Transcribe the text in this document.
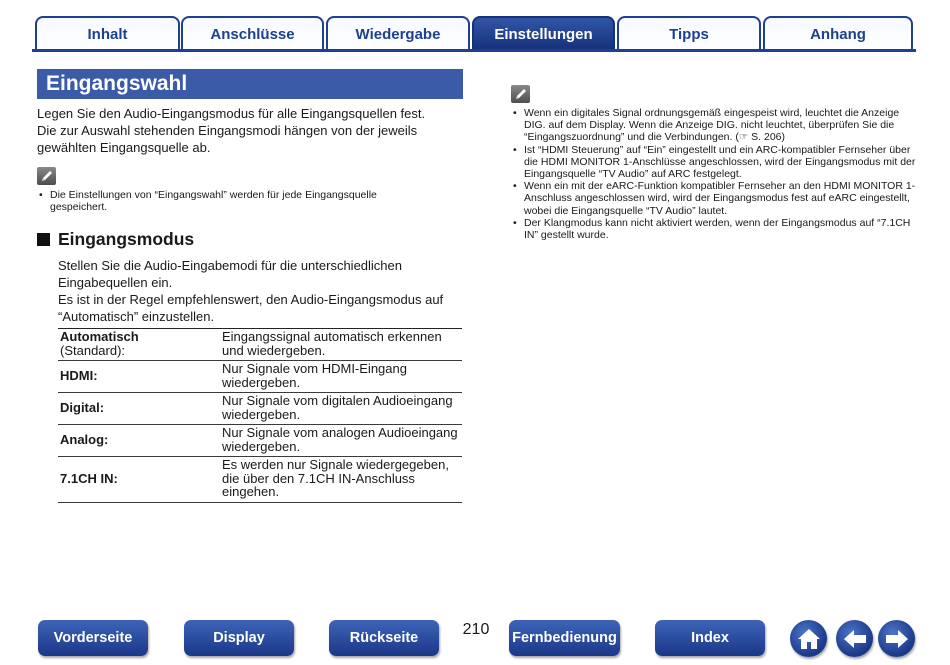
Inhalt	Anschlüsse	Wiedergabe	Einstellungen	Tipps	Anhang
Eingangswahl

Legen Sie den Audio-Eingangsmodus für alle Eingangsquellen fest.

Die zur Auswahl stehenden Eingangsmodi hängen von der jeweils gewählten Eingangsquelle ab.

• Die Einstellungen von “Eingangswahl” werden für jede Eingangsquelle gespeichert.
Eingangsmodus

Stellen Sie die Audio-Eingabemodi für die unterschiedlichen Eingabequellen ein.

Es ist in der Regel empfehlenswert, den Audio-Eingangsmodus auf “Automatisch” einzustellen.

Automatisch
(Standard):	Eingangssignal automatisch erkennen und wiedergeben.
HDMI:	Nur Signale vom HDMI-Eingang wiedergeben.
Digital:	Nur Signale vom digitalen Audioeingang wiedergeben.
Analog:	Nur Signale vom analogen Audioeingang wiedergeben.
7.1CH IN:	Es werden nur Signale wiedergegeben, die über den 7.1CH IN-Anschluss eingehen.
• Wenn ein digitales Signal ordnungsgemäß eingespeist wird, leuchtet die Anzeige DIG. auf dem Display. Wenn die Anzeige DIG. nicht leuchtet, überprüfen Sie die “Eingangszuordnung” und die Verbindungen. (☞ S. 206)
• Ist “HDMI Steuerung” auf “Ein” eingestellt und ein ARC-kompatibler Fernseher über die HDMI MONITOR 1-Anschlüsse angeschlossen, wird der Eingangsmodus mit der Eingangsquelle “TV Audio” auf ARC festgelegt.
• Wenn ein mit der eARC-Funktion kompatibler Fernseher an den HDMI MONITOR 1-Anschluss angeschlossen wird, wird der Eingangsmodus fest auf eARC eingestellt, wobei die Eingangsquelle “TV Audio” lautet.
• Der Klangmodus kann nicht aktiviert werden, wenn der Eingangsmodus auf “7.1CH IN” gestellt wurde.
Vorderseite	Display	Rückseite	210	Fernbedienung	Index
